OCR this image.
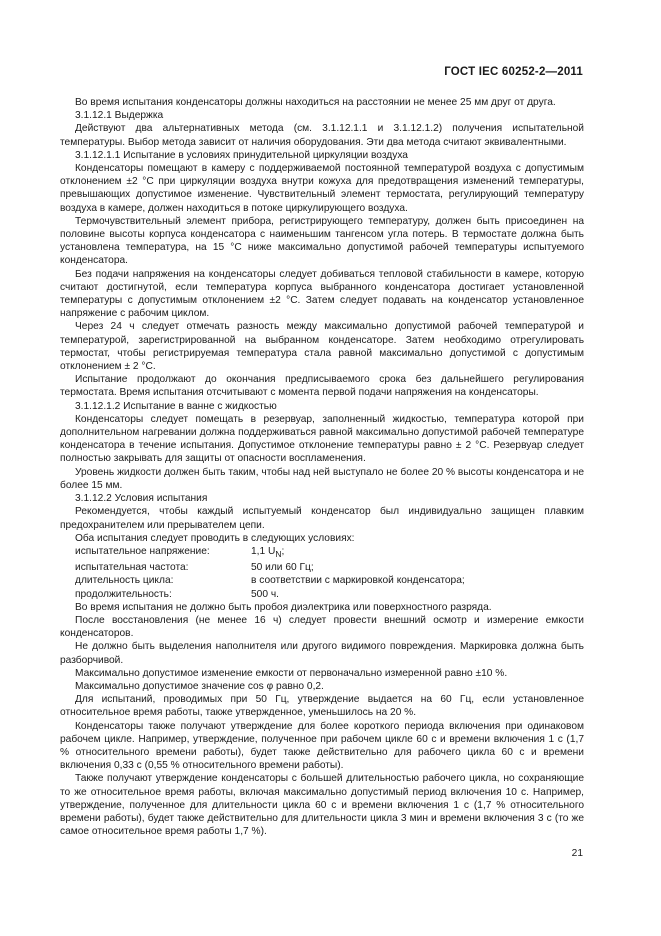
ГОСТ IEC 60252-2—2011

Во время испытания конденсаторы должны находиться на расстоянии не менее 25 мм друг от друга.

3.1.12.1 Выдержка

Действуют два альтернативных метода (см. 3.1.12.1.1 и 3.1.12.1.2) получения испытательной температуры. Выбор метода зависит от наличия оборудования. Эти два метода считают эквивалентными.

3.1.12.1.1 Испытание в условиях принудительной циркуляции воздуха

Конденсаторы помещают в камеру с поддерживаемой постоянной температурой воздуха с допустимым отклонением ±2 °С при циркуляции воздуха внутри кожуха для предотвращения изменений температуры, превышающих допустимое изменение. Чувствительный элемент термостата, регулирующий температуру воздуха в камере, должен находиться в потоке циркулирующего воздуха.

Термочувствительный элемент прибора, регистрирующего температуру, должен быть присоединен на половине высоты корпуса конденсатора с наименьшим тангенсом угла потерь. В термостате должна быть установлена температура, на 15 °С ниже максимально допустимой рабочей температуры испытуемого конденсатора.

Без подачи напряжения на конденсаторы следует добиваться тепловой стабильности в камере, которую считают достигнутой, если температура корпуса выбранного конденсатора достигает установленной температуры с допустимым отклонением ±2 °С. Затем следует подавать на конденсатор установленное напряжение с рабочим циклом.

Через 24 ч следует отмечать разность между максимально допустимой рабочей температурой и температурой, зарегистрированной на выбранном конденсаторе. Затем необходимо отрегулировать термостат, чтобы регистрируемая температура стала равной максимально допустимой с допустимым отклонением ± 2 °С.

Испытание продолжают до окончания предписываемого срока без дальнейшего регулирования термостата. Время испытания отсчитывают с момента первой подачи напряжения на конденсаторы.

3.1.12.1.2 Испытание в ванне с жидкостью

Конденсаторы следует помещать в резервуар, заполненный жидкостью, температура которой при дополнительном нагревании должна поддерживаться равной максимально допустимой рабочей температуре конденсатора в течение испытания. Допустимое отклонение температуры равно ± 2 °С. Резервуар следует полностью закрывать для защиты от опасности воспламенения.

Уровень жидкости должен быть таким, чтобы над ней выступало не более 20 % высоты конденсатора и не более 15 мм.

3.1.12.2 Условия испытания

Рекомендуется, чтобы каждый испытуемый конденсатор был индивидуально защищен плавким предохранителем или прерывателем цепи.

Оба испытания следует проводить в следующих условиях:

испытательное напряжение:	1,1 $U_N$;
испытательная частота:	50 или 60 Гц;
длительность цикла:	в соответствии с маркировкой конденсатора;
продолжительность:	500 ч.

Во время испытания не должно быть пробоя диэлектрика или поверхностного разряда.

После восстановления (не менее 16 ч) следует провести внешний осмотр и измерение емкости конденсаторов.

Не должно быть выделения наполнителя или другого видимого повреждения. Маркировка должна быть разборчивой.

Максимально допустимое изменение емкости от первоначально измеренной равно ±10 %.

Максимально допустимое значение cos φ равно 0,2.

Для испытаний, проводимых при 50 Гц, утверждение выдается на 60 Гц, если установленное относительное время работы, также утвержденное, уменьшилось на 20 %.

Конденсаторы также получают утверждение для более короткого периода включения при одинаковом рабочем цикле. Например, утверждение, полученное при рабочем цикле 60 с и времени включения 1 с (1,7 % относительного времени работы), будет также действительно для рабочего цикла 60 с и времени включения 0,33 с (0,55 % относительного времени работы).

Также получают утверждение конденсаторы с большей длительностью рабочего цикла, но сохраняющие то же относительное время работы, включая максимально допустимый период включения 10 с. Например, утверждение, полученное для длительности цикла 60 с и времени включения 1 с (1,7 % относительного времени работы), будет также действительно для длительности цикла 3 мин и времени включения 3 с (то же самое относительное время работы 1,7 %).

21
